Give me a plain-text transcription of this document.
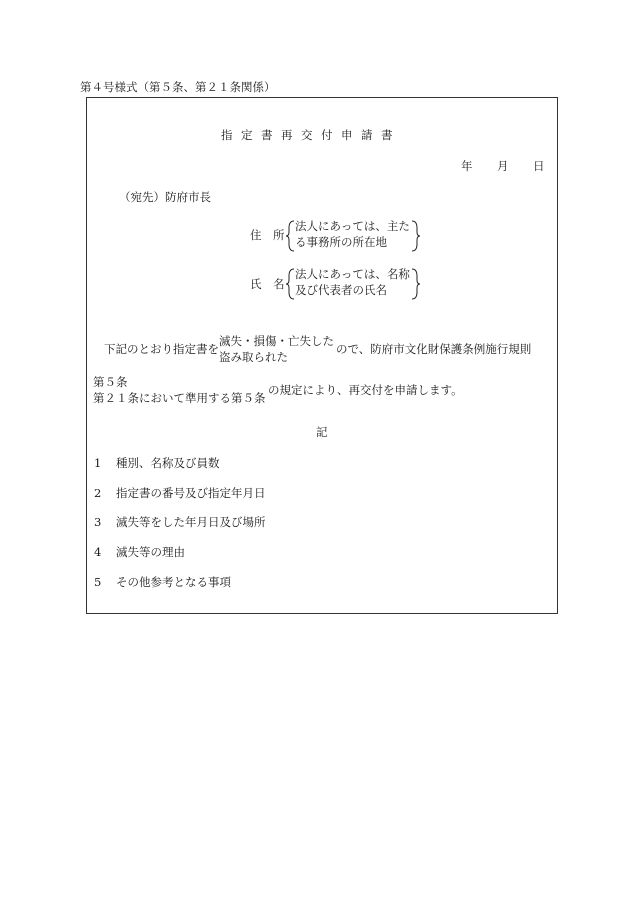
第４号様式（第５条、第２１条関係）
指定書再交付申請書
年 月 日
（宛先）防府市長
住 所
法人にあっては、主た
る事務所の所在地
氏 名
法人にあっては、名称
及び代表者の氏名
下記のとおり指定書を
滅失・損傷・亡失した
盗み取られた
ので、防府市文化財保護条例施行規則
第５条
第２１条において準用する第５条
の規定により、再交付を申請します。
記
1 種別、名称及び員数
2 指定書の番号及び指定年月日
3 滅失等をした年月日及び場所
4 滅失等の理由
5 その他参考となる事項
